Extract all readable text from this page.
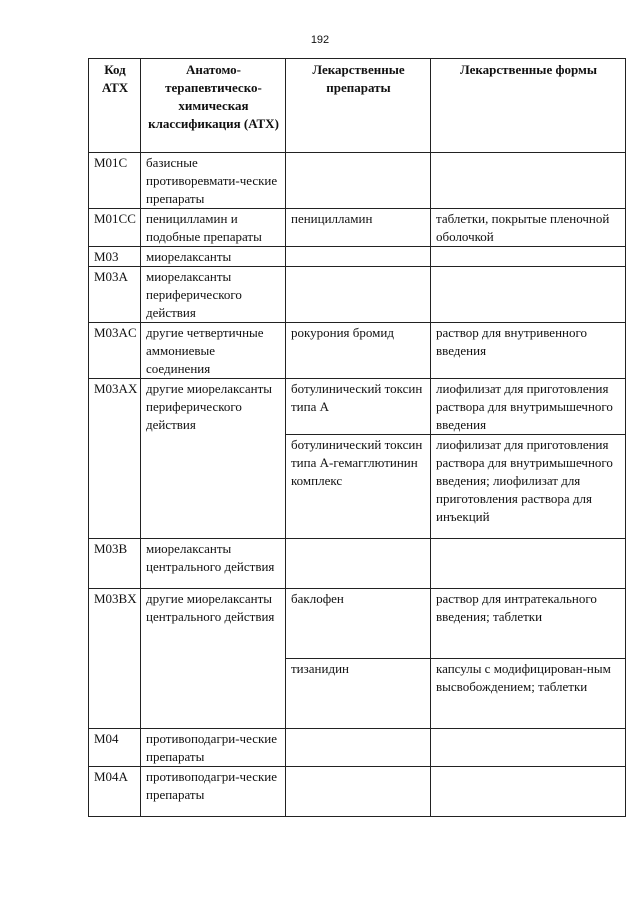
192
Код АТХ	Анатомо-терапевтическо-химическая классификация (АТХ)	Лекарственные препараты	Лекарственные формы
M01C	базисные противоревмати-ческие препараты		
M01CC	пеницилламин и подобные препараты	пеницилламин	таблетки, покрытые пленочной оболочкой
M03	миорелаксанты		
M03A	миорелаксанты периферического действия		
M03AC	другие четвертичные аммониевые соединения	рокурония бромид	раствор для внутривенного введения
M03AX	другие миорелаксанты периферического действия	ботулинический токсин типа А	лиофилизат для приготовления раствора для внутримышечного введения
		ботулинический токсин типа А-гемагглютинин комплекс	лиофилизат для приготовления раствора для внутримышечного введения; лиофилизат для приготовления раствора для инъекций
M03B	миорелаксанты центрального действия		
M03BX	другие миорелаксанты центрального действия	баклофен	раствор для интратекального введения; таблетки
		тизанидин	капсулы с модифицирован-ным высвобождением; таблетки
M04	противоподагри-ческие препараты		
M04A	противоподагри-ческие препараты		
